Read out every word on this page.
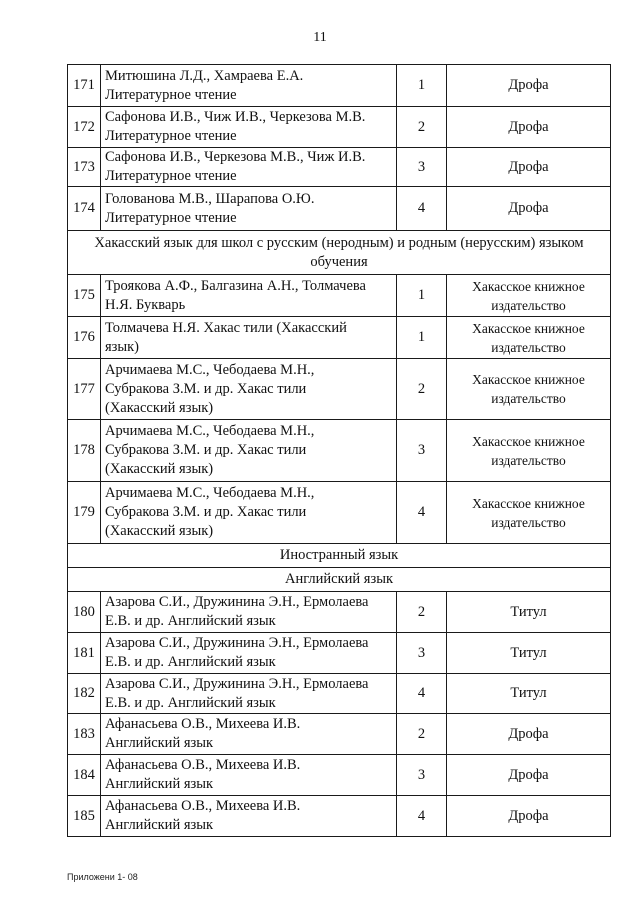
11
171	Митюшина Л.Д., Хамраева Е.А.
Литературное чтение	1	Дрофа

172	Сафонова И.В., Чиж И.В., Черкезова М.В.
Литературное чтение	2	Дрофа

173	Сафонова И.В., Черкезова М.В., Чиж И.В.
Литературное чтение	3	Дрофа

174	Голованова М.В., Шарапова О.Ю.
Литературное чтение	4	Дрофа

Хакасский язык для школ с русским (неродным) и родным (нерусским) языком обучения			
175	Троякова А.Ф., Балгазина А.Н., Толмачева
Н.Я. Букварь	1	Хакасское книжное
издательство

176	Толмачева Н.Я. Хакас тили (Хакасский
язык)	1	Хакасское книжное
издательство

177	Арчимаева М.С., Чебодаева М.Н.,
Субракова З.М. и др. Хакас тили
(Хакасский язык)	2	Хакасское книжное
издательство

178	Арчимаева М.С., Чебодаева М.Н.,
Субракова З.М. и др. Хакас тили
(Хакасский язык)	3	Хакасское книжное
издательство

179	Арчимаева М.С., Чебодаева М.Н.,
Субракова З.М. и др. Хакас тили
(Хакасский язык)	4	Хакасское книжное
издательство

Иностранный язык			
Английский язык			
180	Азарова С.И., Дружинина Э.Н., Ермолаева
Е.В. и др. Английский язык	2	Титул

181	Азарова С.И., Дружинина Э.Н., Ермолаева
Е.В. и др. Английский язык	3	Титул

182	Азарова С.И., Дружинина Э.Н., Ермолаева
Е.В. и др. Английский язык	4	Титул

183	Афанасьева О.В., Михеева И.В.
Английский язык	2	Дрофа

184	Афанасьева О.В., Михеева И.В.
Английский язык	3	Дрофа

185	Афанасьева О.В., Михеева И.В.
Английский язык	4	Дрофа
Приложени 1- 08
